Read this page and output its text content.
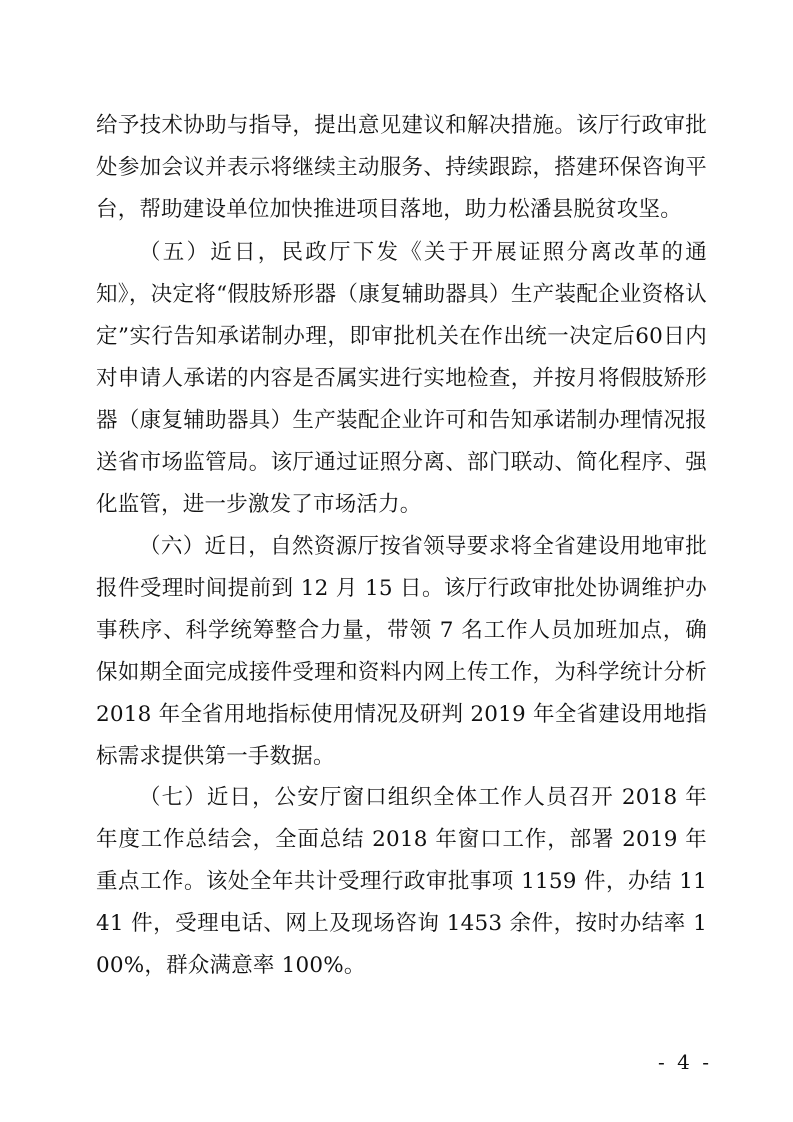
给予技术协助与指导，提出意见建议和解决措施。该厅行政审批处参加会议并表示将继续主动服务、持续跟踪，搭建环保咨询平台，帮助建设单位加快推进项目落地，助力松潘县脱贫攻坚。

（五）近日，民政厅下发《关于开展证照分离改革的通知》，决定将“假肢矫形器（康复辅助器具）生产装配企业资格认定”实行告知承诺制办理，即审批机关在作出统一决定后60日内对申请人承诺的内容是否属实进行实地检查，并按月将假肢矫形器（康复辅助器具）生产装配企业许可和告知承诺制办理情况报送省市场监管局。该厅通过证照分离、部门联动、简化程序、强化监管，进一步激发了市场活力。

（六）近日，自然资源厅按省领导要求将全省建设用地审批报件受理时间提前到 12 月 15 日。该厅行政审批处协调维护办事秩序、科学统筹整合力量，带领 7 名工作人员加班加点，确保如期全面完成接件受理和资料内网上传工作，为科学统计分析 2018 年全省用地指标使用情况及研判 2019 年全省建设用地指标需求提供第一手数据。

（七）近日，公安厅窗口组织全体工作人员召开 2018 年年度工作总结会，全面总结 2018 年窗口工作，部署 2019 年重点工作。该处全年共计受理行政审批事项 1159 件，办结 1141 件，受理电话、网上及现场咨询 1453 余件，按时办结率 100%，群众满意率 100%。

- 4 -
